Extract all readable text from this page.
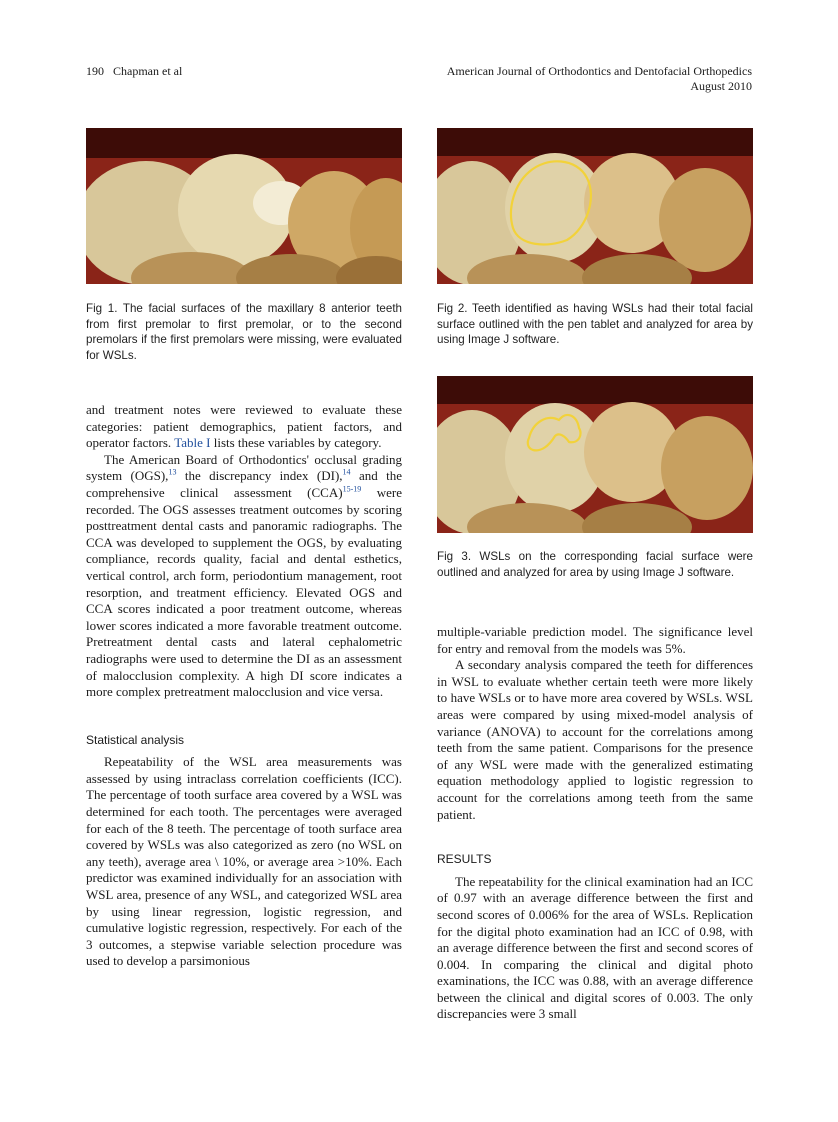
190 Chapman et al	American Journal of Orthodontics and Dentofacial Orthopedics
August 2010
Fig 1. The facial surfaces of the maxillary 8 anterior teeth from first premolar to first premolar, or to the second premolars if the first premolars were missing, were evaluated for WSLs.
Fig 2. Teeth identified as having WSLs had their total facial surface outlined with the pen tablet and analyzed for area by using Image J software.
Fig 3. WSLs on the corresponding facial surface were outlined and analyzed for area by using Image J software.

and treatment notes were reviewed to evaluate these categories: patient demographics, patient factors, and operator factors. Table I lists these variables by category.

The American Board of Orthodontics' occlusal grading system (OGS),$^{13}$ the discrepancy index (DI),$^{14}$ and the comprehensive clinical assessment (CCA)$^{15-19}$ were recorded. The OGS assesses treatment outcomes by scoring posttreatment dental casts and panoramic radiographs. The CCA was developed to supplement the OGS, by evaluating compliance, records quality, facial and dental esthetics, vertical control, arch form, periodontium management, root resorption, and treatment efficiency. Elevated OGS and CCA scores indicated a poor treatment outcome, whereas lower scores indicated a more favorable treatment outcome. Pretreatment dental casts and lateral cephalometric radiographs were used to determine the DI as an assessment of malocclusion complexity. A high DI score indicates a more complex pretreatment malocclusion and vice versa.

Statistical analysis

Repeatability of the WSL area measurements was assessed by using intraclass correlation coefficients (ICC). The percentage of tooth surface area covered by a WSL was determined for each tooth. The percentages were averaged for each of the 8 teeth. The percentage of tooth surface area covered by WSLs was also categorized as zero (no WSL on any teeth), average area \ 10%, or average area >10%. Each predictor was examined individually for an association with WSL area, presence of any WSL, and categorized WSL area by using linear regression, logistic regression, and cumulative logistic regression, respectively. For each of the 3 outcomes, a stepwise variable selection procedure was used to develop a parsimonious

multiple-variable prediction model. The significance level for entry and removal from the models was 5%.

A secondary analysis compared the teeth for differences in WSL to evaluate whether certain teeth were more likely to have WSLs or to have more area covered by WSLs. WSL areas were compared by using mixed-model analysis of variance (ANOVA) to account for the correlations among teeth from the same patient. Comparisons for the presence of any WSL were made with the generalized estimating equation methodology applied to logistic regression to account for the correlations among teeth from the same patient.

RESULTS

The repeatability for the clinical examination had an ICC of 0.97 with an average difference between the first and second scores of 0.006% for the area of WSLs. Replication for the digital photo examination had an ICC of 0.98, with an average difference between the first and second scores of 0.004. In comparing the clinical and digital photo examinations, the ICC was 0.88, with an average difference between the clinical and digital scores of 0.003. The only discrepancies were 3 small
